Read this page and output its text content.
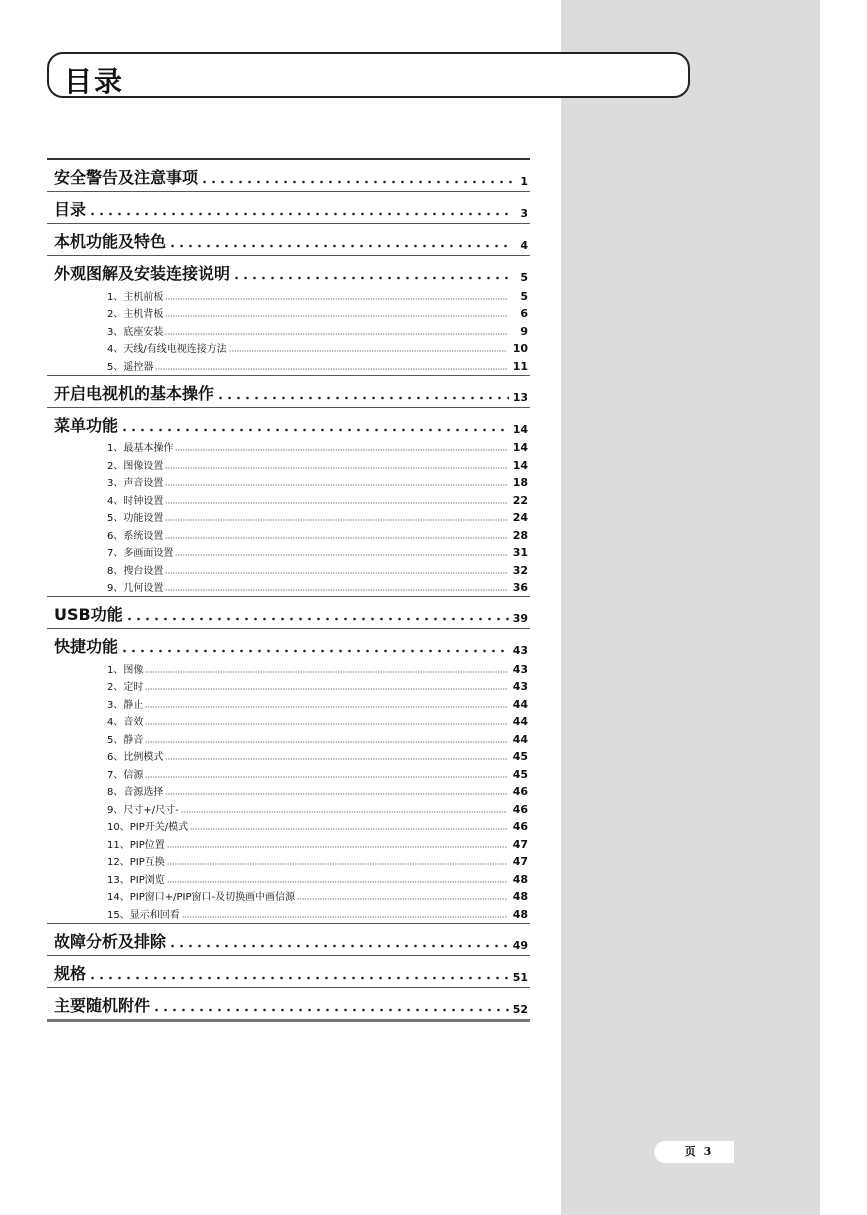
目录
安全警告及注意事项	1
目录	3
本机功能及特色	4
外观图解及安装连接说明	5
1、主机前板	5
2、主机背板	6
3、底座安装	9
4、天线/有线电视连接方法	10
5、遥控器	11
开启电视机的基本操作	13
菜单功能	14
1、最基本操作	14
2、图像设置	14
3、声音设置	18
4、时钟设置	22
5、功能设置	24
6、系统设置	28
7、多画面设置	31
8、搜台设置	32
9、几何设置	36
USB功能	39
快捷功能	43
1、图像	43
2、定时	43
3、静止	44
4、音效	44
5、静音	44
6、比例模式	45
7、信源	45
8、音源选择	46
9、尺寸+/尺寸-	46
10、PIP开关/模式	46
11、PIP位置	47
12、PIP互换	47
13、PIP浏览	48
14、PIP窗口+/PIP窗口-及切换画中画信源	48
15、显示和回看	48
故障分析及排除	49
规格	51
主要随机附件	52
页 3
